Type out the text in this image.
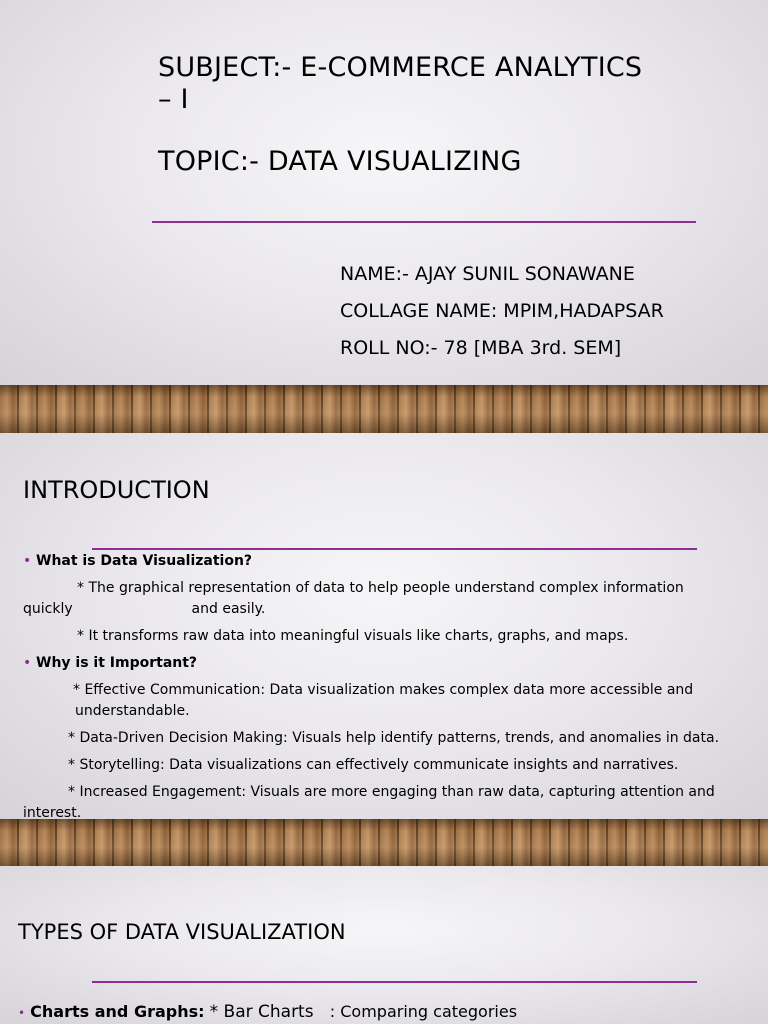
SUBJECT:- E-COMMERCE ANALYTICS
– I
TOPIC:- DATA VISUALIZING
NAME:- AJAY SUNIL SONAWANE
COLLAGE NAME: MPIM,HADAPSAR
ROLL NO:- 78 [MBA 3rd. SEM]
INTRODUCTION
• What is Data Visualization?
* The graphical representation of data to help people understand complex information
quickly	and easily.
* It transforms raw data into meaningful visuals like charts, graphs, and maps.
• Why is it Important?
* Effective Communication: Data visualization makes complex data more accessible and
understandable.
* Data-Driven Decision Making: Visuals help identify patterns, trends, and anomalies in data.
* Storytelling: Data visualizations can effectively communicate insights and narratives.
* Increased Engagement: Visuals are more engaging than raw data, capturing attention and
interest.
TYPES OF DATA VISUALIZATION
• Charts and Graphs: * Bar Charts : Comparing categories
